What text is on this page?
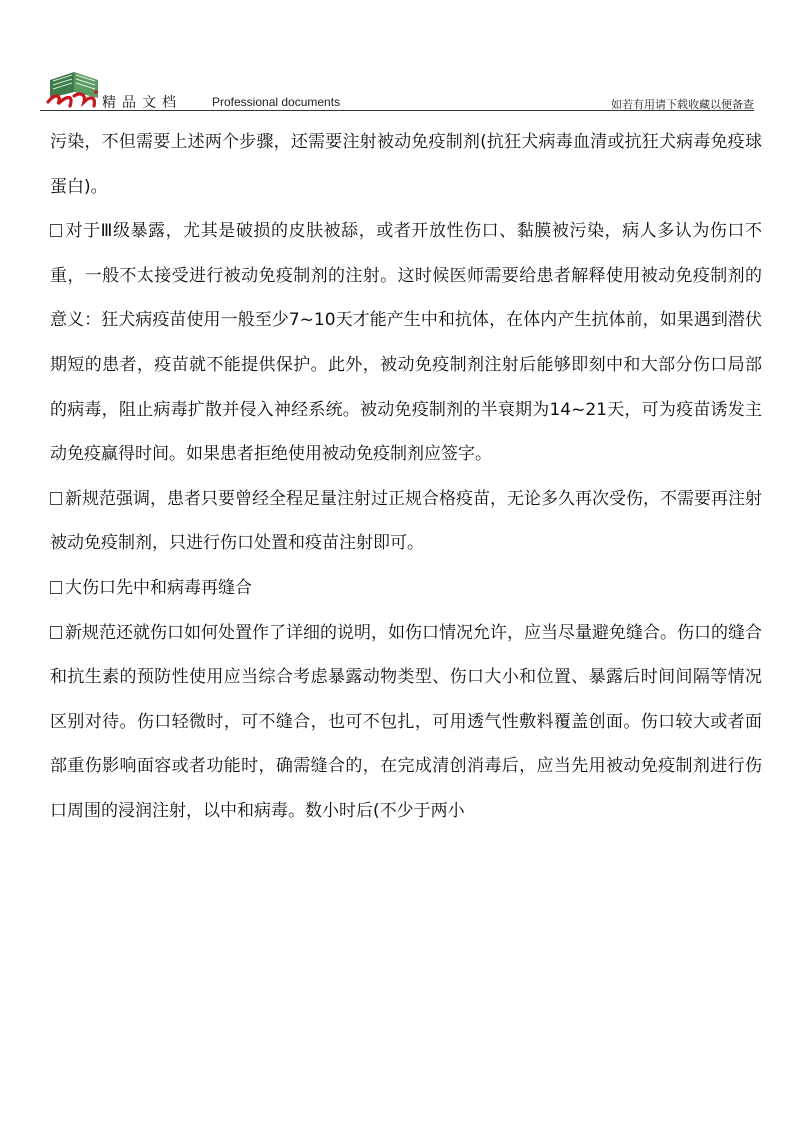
精品文档	Professional documents	如若有用请下载收藏以便备查

污染，不但需要上述两个步骤，还需要注射被动免疫制剂(抗狂犬病毒血清或抗狂犬病毒免疫球蛋白)。

对于Ⅲ级暴露，尤其是破损的皮肤被舔，或者开放性伤口、黏膜被污染，病人多认为伤口不重，一般不太接受进行被动免疫制剂的注射。这时候医师需要给患者解释使用被动免疫制剂的意义：狂犬病疫苗使用一般至少7~10天才能产生中和抗体，在体内产生抗体前，如果遇到潜伏期短的患者，疫苗就不能提供保护。此外，被动免疫制剂注射后能够即刻中和大部分伤口局部的病毒，阻止病毒扩散并侵入神经系统。被动免疫制剂的半衰期为14~21天，可为疫苗诱发主动免疫赢得时间。如果患者拒绝使用被动免疫制剂应签字。

新规范强调，患者只要曾经全程足量注射过正规合格疫苗，无论多久再次受伤，不需要再注射被动免疫制剂，只进行伤口处置和疫苗注射即可。

大伤口先中和病毒再缝合

新规范还就伤口如何处置作了详细的说明，如伤口情况允许，应当尽量避免缝合。伤口的缝合和抗生素的预防性使用应当综合考虑暴露动物类型、伤口大小和位置、暴露后时间间隔等情况区别对待。伤口轻微时，可不缝合，也可不包扎，可用透气性敷料覆盖创面。伤口较大或者面部重伤影响面容或者功能时，确需缝合的，在完成清创消毒后，应当先用被动免疫制剂进行伤口周围的浸润注射，以中和病毒。数小时后(不少于两小
